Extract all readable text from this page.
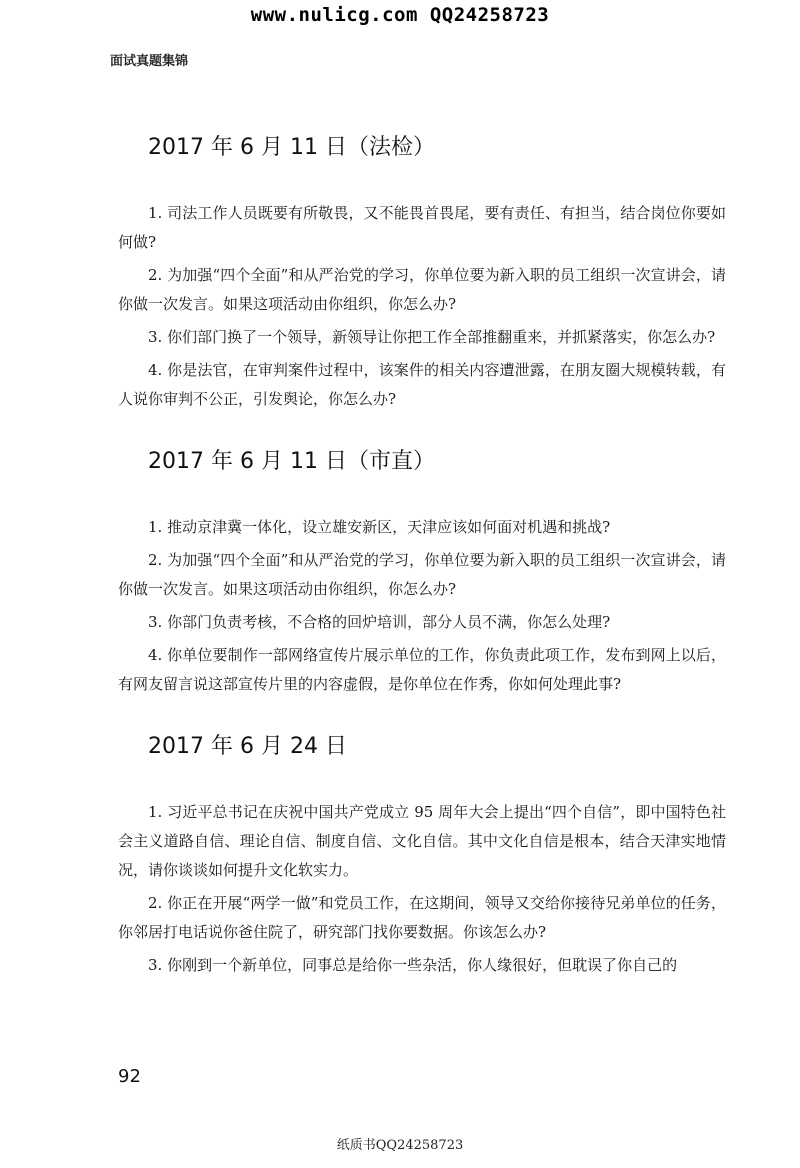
www.nulicg.com QQ24258723
面试真题集锦
2017 年 6 月 11 日（法检）

1. 司法工作人员既要有所敬畏，又不能畏首畏尾，要有责任、有担当，结合岗位你要如何做?

2. 为加强“四个全面”和从严治党的学习，你单位要为新入职的员工组织一次宣讲会，请你做一次发言。如果这项活动由你组织，你怎么办?

3. 你们部门换了一个领导，新领导让你把工作全部推翻重来，并抓紧落实，你怎么办?

4. 你是法官，在审判案件过程中，该案件的相关内容遭泄露，在朋友圈大规模转载，有人说你审判不公正，引发舆论，你怎么办?

2017 年 6 月 11 日（市直）

1. 推动京津冀一体化，设立雄安新区，天津应该如何面对机遇和挑战?

2. 为加强“四个全面”和从严治党的学习，你单位要为新入职的员工组织一次宣讲会，请你做一次发言。如果这项活动由你组织，你怎么办?

3. 你部门负责考核，不合格的回炉培训，部分人员不满，你怎么处理?

4. 你单位要制作一部网络宣传片展示单位的工作，你负责此项工作，发布到网上以后，有网友留言说这部宣传片里的内容虚假，是你单位在作秀，你如何处理此事?

2017 年 6 月 24 日

1. 习近平总书记在庆祝中国共产党成立 95 周年大会上提出“四个自信”，即中国特色社会主义道路自信、理论自信、制度自信、文化自信。其中文化自信是根本，结合天津实地情况，请你谈谈如何提升文化软实力。

2. 你正在开展“两学一做”和党员工作，在这期间，领导又交给你接待兄弟单位的任务，你邻居打电话说你爸住院了，研究部门找你要数据。你该怎么办?

3. 你刚到一个新单位，同事总是给你一些杂活，你人缘很好，但耽误了你自己的

92
纸质书QQ24258723
